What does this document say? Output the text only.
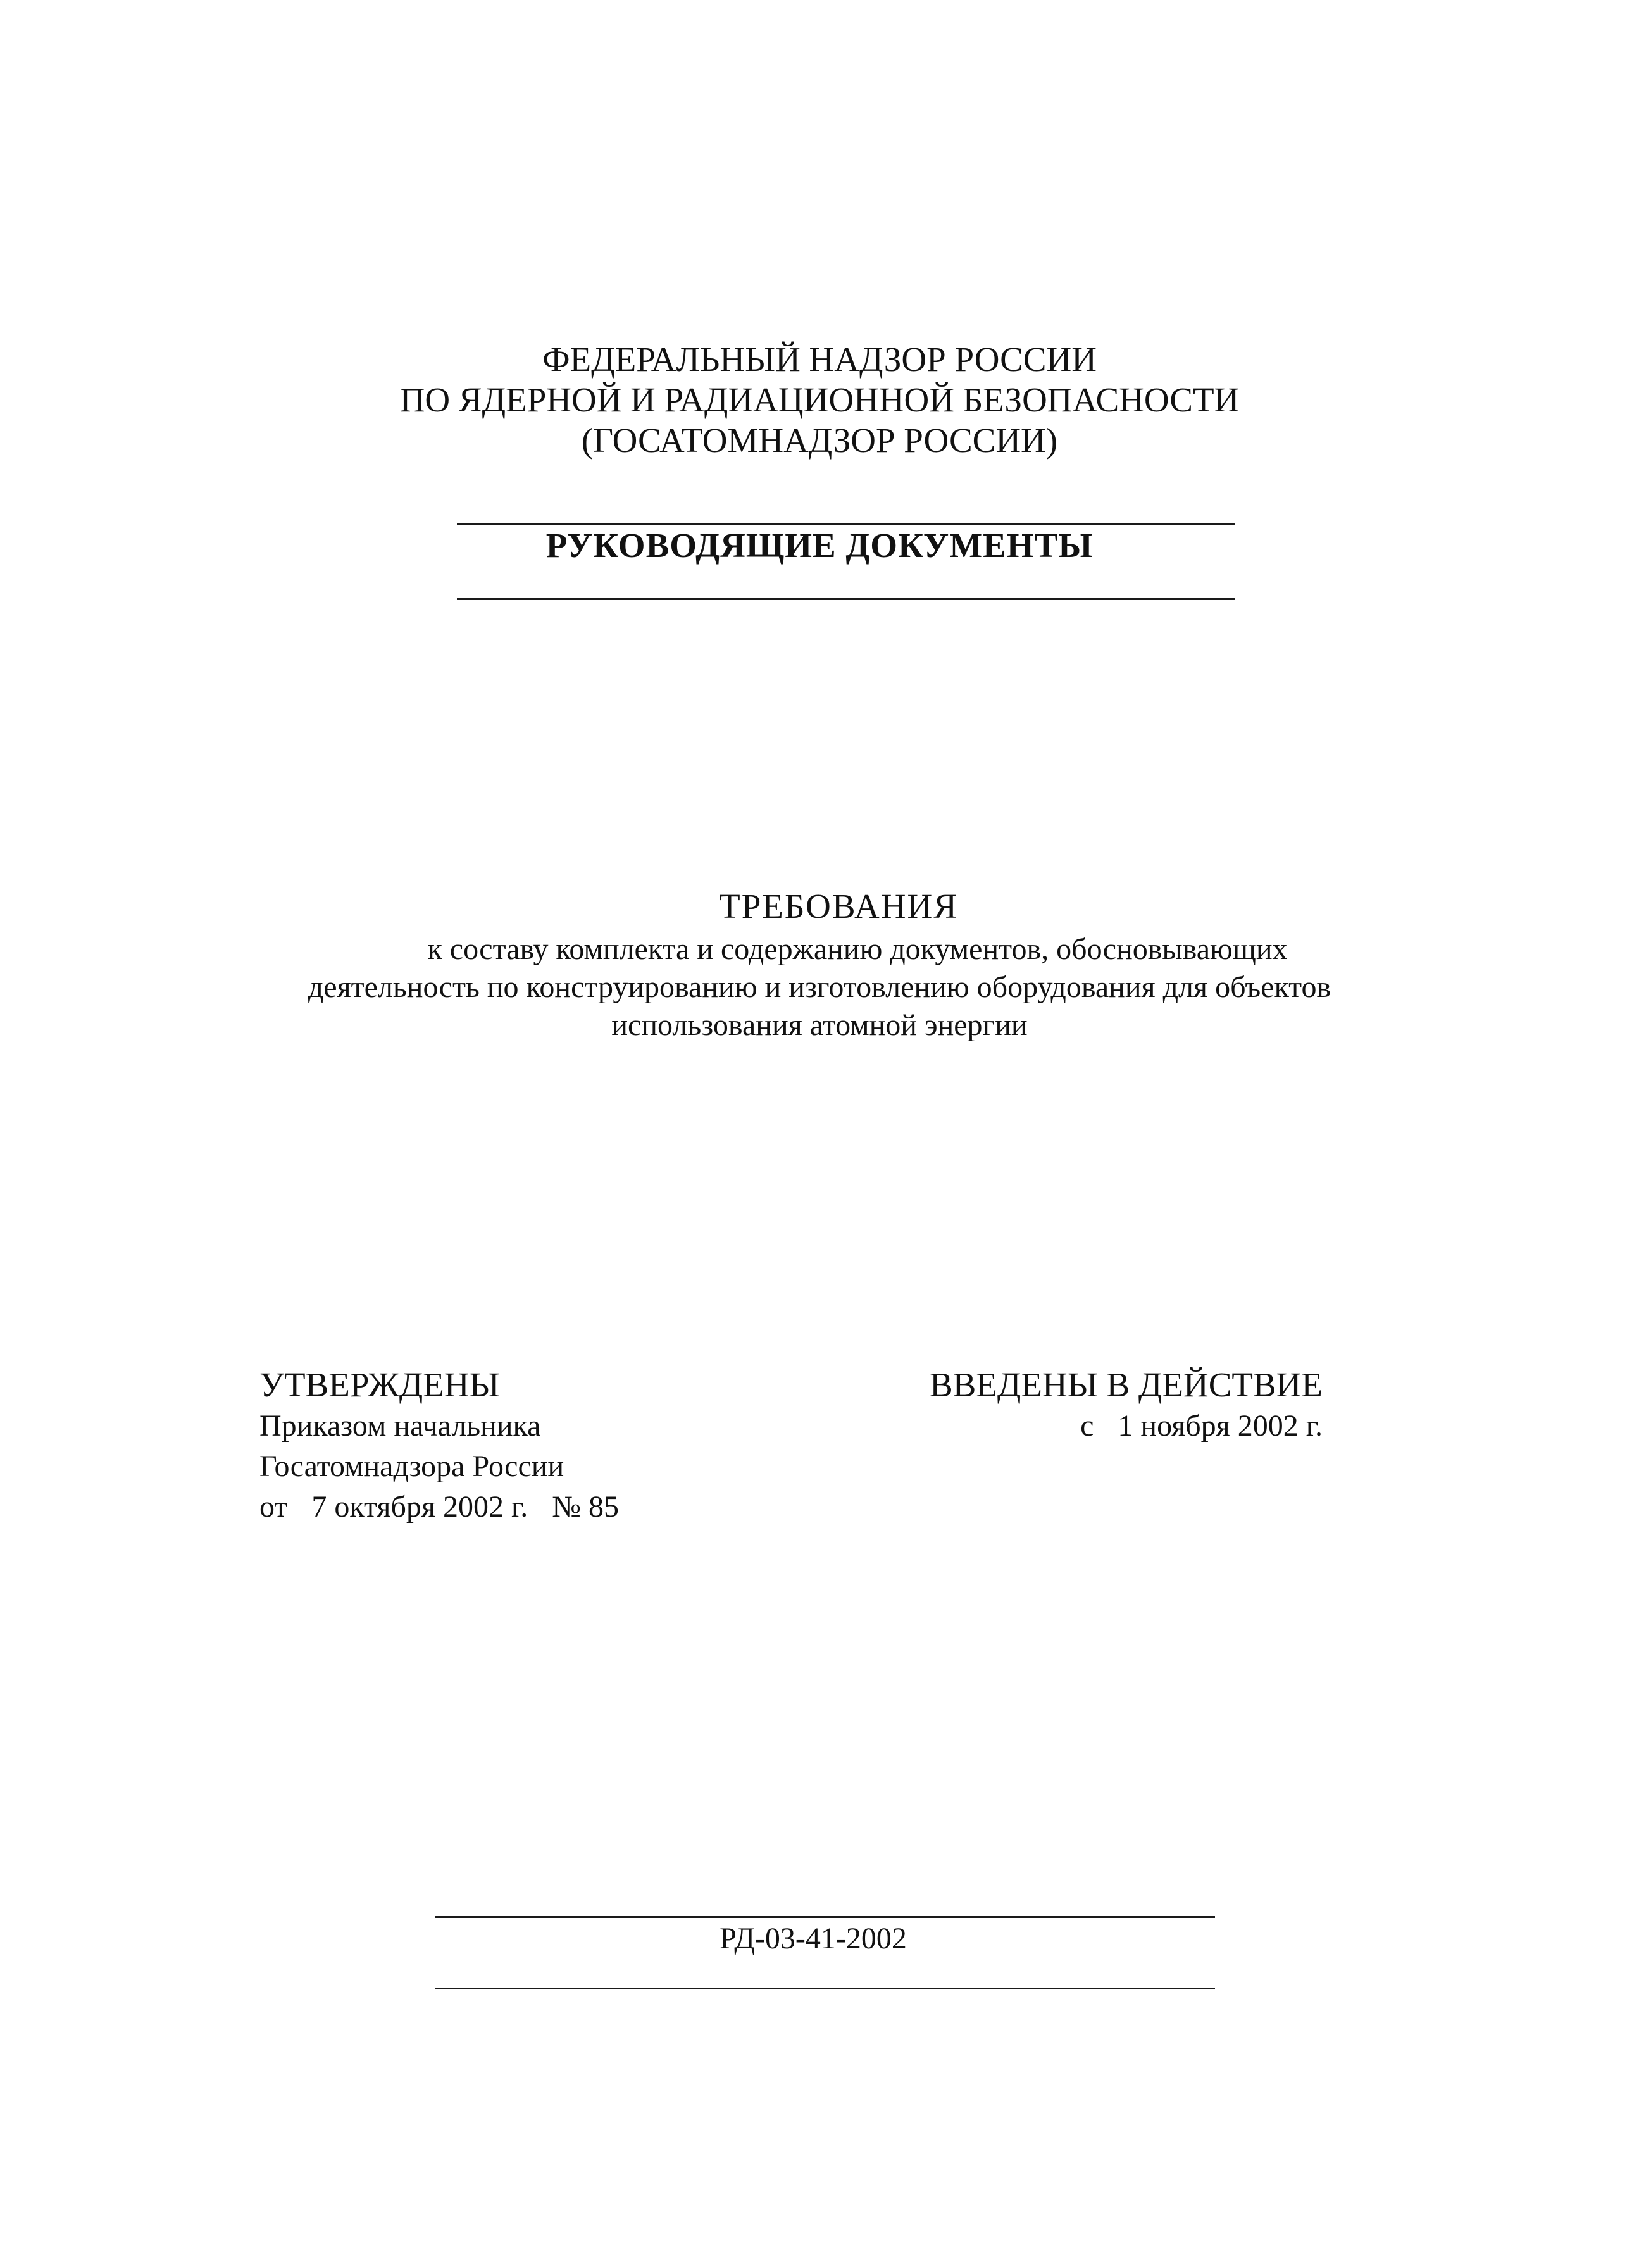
ФЕДЕРАЛЬНЫЙ НАДЗОР РОССИИ
ПО ЯДЕРНОЙ И РАДИАЦИОННОЙ БЕЗОПАСНОСТИ
(ГОСАТОМНАДЗОР РОССИИ)
РУКОВОДЯЩИЕ ДОКУМЕНТЫ
ТРЕБОВАНИЯ
к составу комплекта и содержанию документов, обосновывающих
деятельность по конструированию и изготовлению оборудования для объектов
использования атомной энергии
УТВЕРЖДЕНЫ
Приказом начальника
Госатомнадзора России
от 7 октября 2002 г. № 85
ВВЕДЕНЫ В ДЕЙСТВИЕ
с 1 ноября 2002 г.
РД-03-41-2002
